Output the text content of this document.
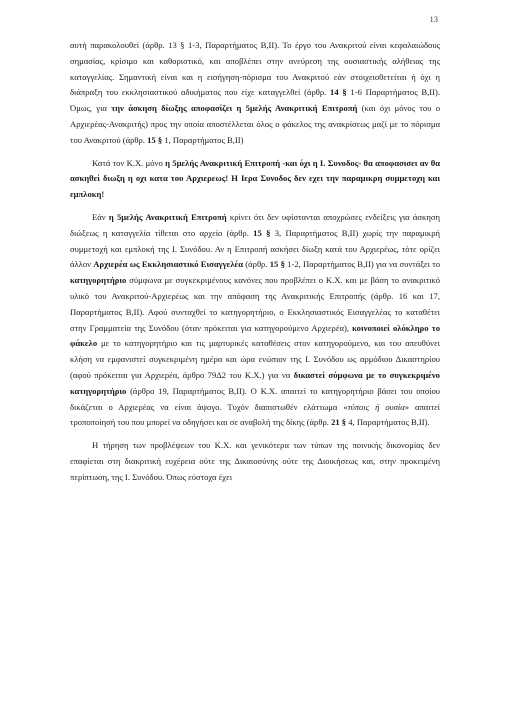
13

αυτή παρακολουθεί (άρθρ. 13 § 1-3, Παραρτήματος Β,ΙΙ). Το έργο του Ανακριτού είναι κεφαλαιώδους σημασίας, κρίσιμο και καθοριστικό, και αποβλέπει στην ανεύρεση της ουσιαστικής αλήθειας της καταγγελίας. Σημαντική είναι και η εισήγηση-πόρισμα του Ανακριτού εάν στοιχειοθετείται ή όχι η διάπραξη του εκκλησιαστικού αδικήματος που είχε καταγγελθεί (άρθρ. 14 § 1-6 Παραρτήματος Β,ΙΙ). Όμως, για την άσκηση δίωξης αποφασίζει η 5μελής Ανακριτική Επιτροπή (και όχι μόνος του ο Αρχιερέας-Ανακριτής) προς την οποία αποστέλλεται όλος ο φάκελος της ανακρίσεως μαζί με το πόρισμα του Ανακριτού (άρθρ. 15 § 1, Παραρτήματος Β,ΙΙ)

Κατά τον Κ.Χ. μόνο η 5μελής Ανακριτική Επιτροπή -και όχι η Ι. Συνοδος- θα αποφασισει αν θα ασκηθεί διωξη η οχι κατα του Αρχιερεως! Η Ιερα Συνοδος δεν εχει την παραμικρη συμμετοχη και εμπλοκη!

Εάν η 5μελής Ανακριτική Επιτροπή κρίνει ότι δεν υφίστανται αποχρώσες ενδείξεις για άσκηση διώξεως η καταγγελία τίθεται στο αρχείο (άρθρ. 15 § 3, Παραρτήματος Β,ΙΙ) χωρίς την παραμικρή συμμετοχή και εμπλοκή της Ι. Συνόδου. Αν η Επιτροπή ασκήσει δίωξη κατά του Αρχιερέως, τότε ορίζει άλλον Αρχιερέα ως Εκκλησιαστικό Εισαγγελέα (άρθρ. 15 § 1-2, Παραρτήματος Β,ΙΙ) για να συντάξει το κατηγορητήριο σύμφωνα με συγκεκριμένους κανόνες που προβλέπει ο Κ.Χ. και με βάση το ανακριτικό υλικό του Ανακριτού-Αρχιερέως και την απόφαση της Ανακριτικής Επιτροπής (άρθρ. 16 και 17, Παραρτήματος Β,ΙΙ). Αφού συνταχθεί το κατηγορητήριο, ο Εκκλησιαστικός Εισαγγελέας το καταθέτει στην Γραμματεία της Συνόδου (όταν πρόκειται για κατηγορούμενο Αρχιερέα), κοινοποιεί ολόκληρο το φάκελο με το κατηγορητήριο και τις μαρτυρικές καταθέσεις στον κατηγορούμενο, και του απευθύνει κλήση να εμφανιστεί συγκεκριμένη ημέρα και ώρα ενώπιον της Ι. Συνόδου ως αρμόδιου Δικαστηρίου (αφού πρόκειται για Αρχιερέα, άρθρο 79Δ2 του Κ.Χ.) για να δικαστεί σύμφωνα με το συγκεκριμένο κατηγορητήριο (άρθρο 19, Παραρτήματος Β,ΙΙ). Ο Κ.Χ. απαιτεί το κατηγορητήριο βάσει του οποίου δικάζεται ο Αρχιερέας να είναι άψογο. Τυχόν διαπιστωθέν ελάττωμα «τύποις ή ουσία» απαιτεί τροποποίησή του που μπορεί να οδηγήσει και σε αναβολή της δίκης (άρθρ. 21 § 4, Παραρτήματος Β,ΙΙ).

Η τήρηση των προβλέψεων του Κ.Χ. και γενικότερα των τύπων της ποινικής δικονομίας δεν επαφίεται στη διακριτική ευχέρεια ούτε της Δικαιοσύνης ούτε της Διοικήσεως και, στην προκειμένη περίπτωση, της Ι. Συνόδου. Όπως εύστοχα έχει
